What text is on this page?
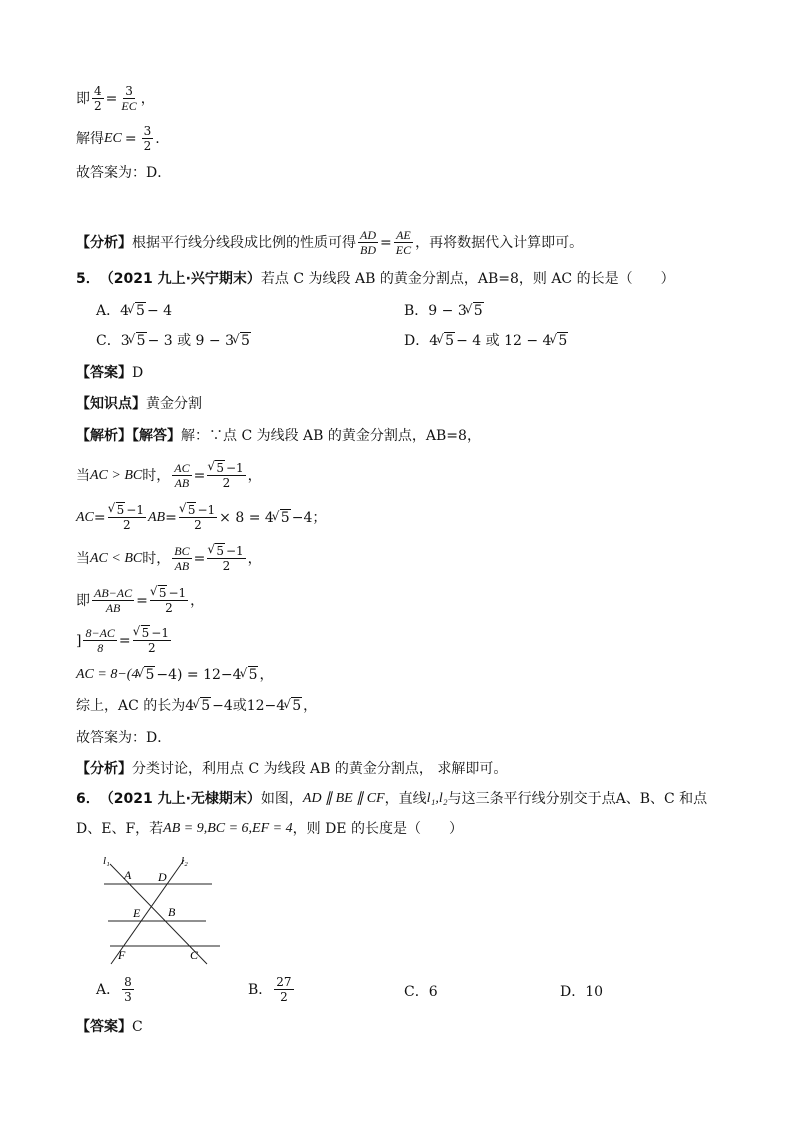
即 $\frac{4}{2} = \frac{3}{EC}$ ，
解得 EC = $\frac{3}{2}$ .
故答案为：D．
【分析】 根据平行线分线段成比例的性质可得 $\frac{AD}{BD} = \frac{AE}{EC}$ ，再将数据代入计算即可。
5． （2021 九上·兴宁期末） 若点 C 为线段 AB 的黄金分割点，AB=8，则 AC 的长是（　　）
A． 4 √ 5 − 4	B． 9 − 3 √ 5
C． 3 √ 5 − 3 或 9 − 3 √ 5	D． 4 √ 5 − 4 或 12 − 4 √ 5
【答案】 D
【知识点】 黄金分割
【解析】【解答】 解：∵点 C 为线段 AB 的黄金分割点，AB=8，
当 AC > BC 时， $\frac{AC}{AB}$ = √ $\frac{5 -1}{2}$ ，
AC = √ $\frac{5 -1}{2}$ AB = √ $\frac{5 -1}{2} \times 8 = 4$ √ 5 −4；
当 AC < BC 时， $\frac{BC}{AB}$ = √ $\frac{5 -1}{2}$ ，
即 $\frac{AB-AC}{AB}$ = √ $\frac{5 -1}{2}$ ，
] $\frac{8-AC}{8}$ = √ $\frac{5 -1}{2}$
AC = 8−(4 √ 5 −4) = 12−4 √ 5 ，
综上，AC 的长为4 √ 5 −4或12−4 √ 5 ，
故答案为：D．
【分析】 分类讨论，利用点 C 为线段 AB 的黄金分割点， 求解即可。
6． （2021 九上·无棣期末） 如图， AD ∥ BE ∥ CF ，直线 l₁,l₂ 与这三条平行线分别交于点A、B、C 和点
D、E、F，若 AB = 9,BC = 6,EF = 4 ，则 DE 的长度是（　　）
l₁	l₂
A D
E B
F	C
A． $\frac{8}{3}$	B． $\frac{27}{2}$	C． 6	D． 10
【答案】 C
